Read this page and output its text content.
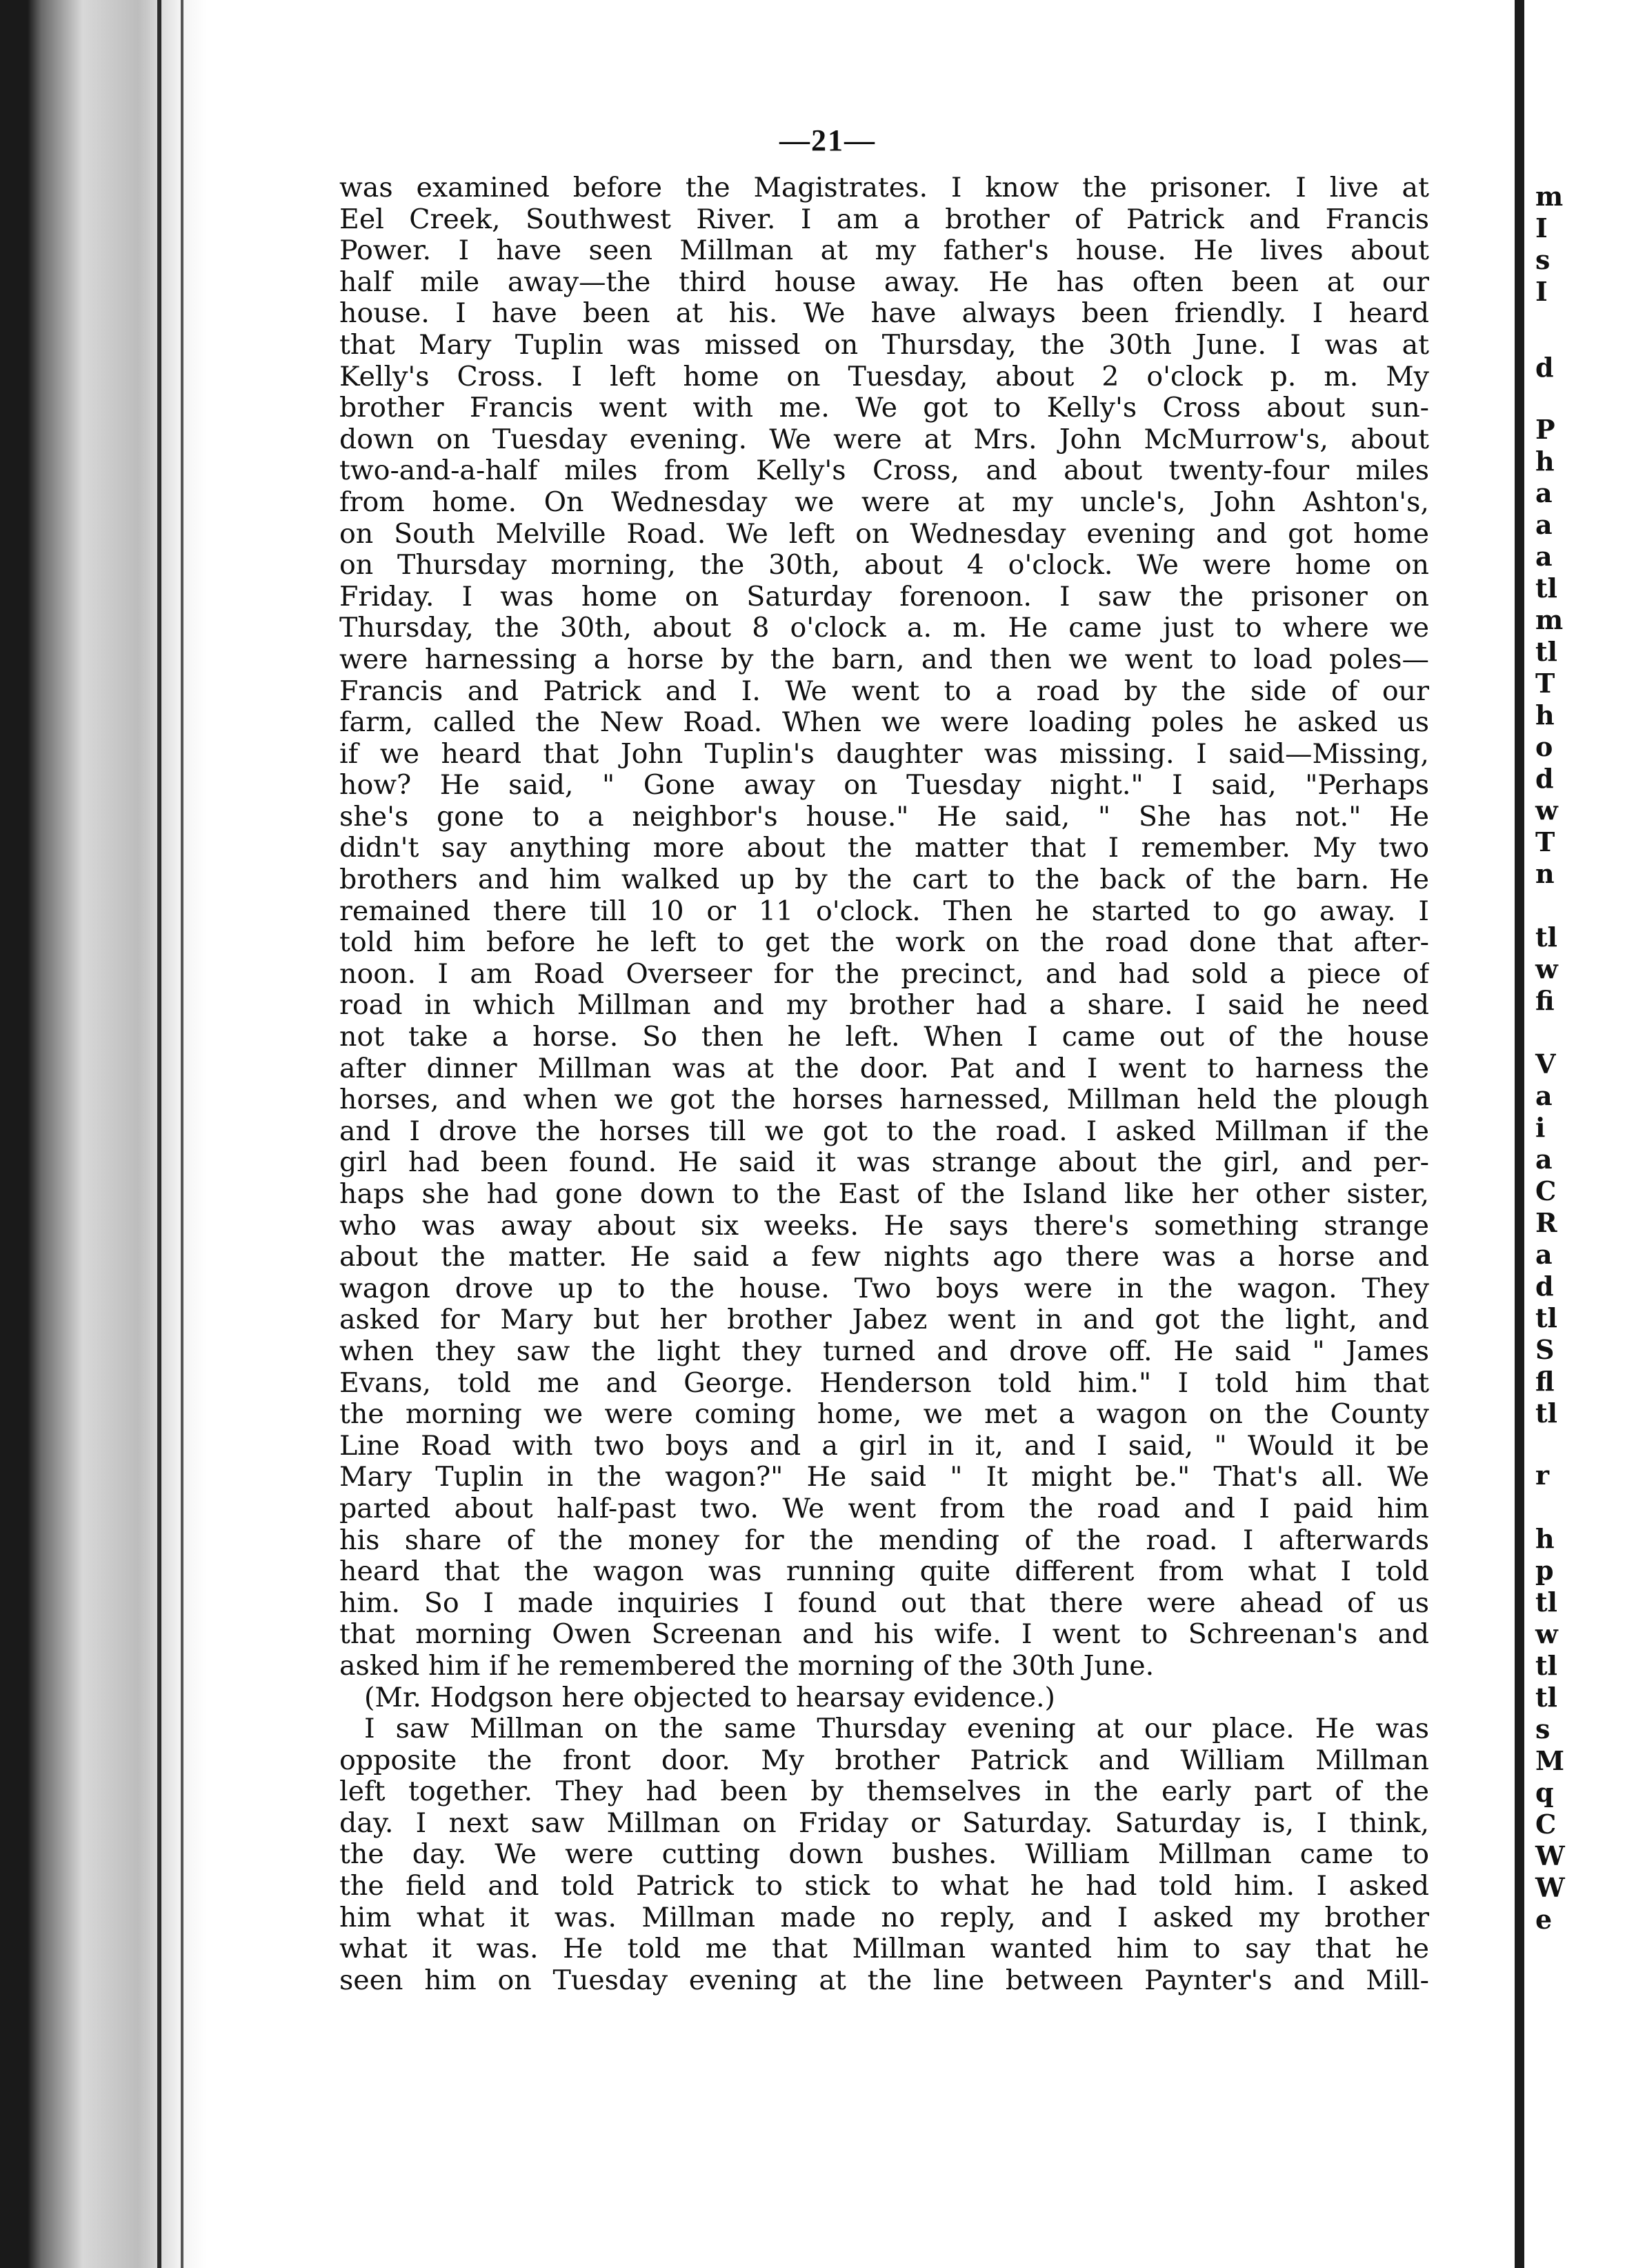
m
I
s
I
d
P
h
a
a
a
tl
m
tl
T
h
o
d
w
T
n
tl
w
fi
V
a
i
a
C
R
a
d
tl
S
fl
tl
r
h
p
tl
w
tl
tl
s
M
q
C
W
W
e
—21—
was examined before the Magistrates. I know the prisoner. I live at
Eel Creek, Southwest River. I am a brother of Patrick and Francis
Power. I have seen Millman at my father's house. He lives about
half mile away—the third house away. He has often been at our
house. I have been at his. We have always been friendly. I heard
that Mary Tuplin was missed on Thursday, the 30th June. I was at
Kelly's Cross. I left home on Tuesday, about 2 o'clock p. m. My
brother Francis went with me. We got to Kelly's Cross about sun-
down on Tuesday evening. We were at Mrs. John McMurrow's, about
two-and-a-half miles from Kelly's Cross, and about twenty-four miles
from home. On Wednesday we were at my uncle's, John Ashton's,
on South Melville Road. We left on Wednesday evening and got home
on Thursday morning, the 30th, about 4 o'clock. We were home on
Friday. I was home on Saturday forenoon. I saw the prisoner on
Thursday, the 30th, about 8 o'clock a. m. He came just to where we
were harnessing a horse by the barn, and then we went to load poles—
Francis and Patrick and I. We went to a road by the side of our
farm, called the New Road. When we were loading poles he asked us
if we heard that John Tuplin's daughter was missing. I said—Missing,
how? He said, " Gone away on Tuesday night." I said, "Perhaps
she's gone to a neighbor's house." He said, " She has not." He
didn't say anything more about the matter that I remember. My two
brothers and him walked up by the cart to the back of the barn. He
remained there till 10 or 11 o'clock. Then he started to go away. I
told him before he left to get the work on the road done that after-
noon. I am Road Overseer for the precinct, and had sold a piece of
road in which Millman and my brother had a share. I said he need
not take a horse. So then he left. When I came out of the house
after dinner Millman was at the door. Pat and I went to harness the
horses, and when we got the horses harnessed, Millman held the plough
and I drove the horses till we got to the road. I asked Millman if the
girl had been found. He said it was strange about the girl, and per-
haps she had gone down to the East of the Island like her other sister,
who was away about six weeks. He says there's something strange
about the matter. He said a few nights ago there was a horse and
wagon drove up to the house. Two boys were in the wagon. They
asked for Mary but her brother Jabez went in and got the light, and
when they saw the light they turned and drove off. He said " James
Evans, told me and George. Henderson told him." I told him that
the morning we were coming home, we met a wagon on the County
Line Road with two boys and a girl in it, and I said, " Would it be
Mary Tuplin in the wagon?" He said " It might be." That's all. We
parted about half-past two. We went from the road and I paid him
his share of the money for the mending of the road. I afterwards
heard that the wagon was running quite different from what I told
him. So I made inquiries I found out that there were ahead of us
that morning Owen Screenan and his wife. I went to Schreenan's and
asked him if he remembered the morning of the 30th June.
(Mr. Hodgson here objected to hearsay evidence.)
I saw Millman on the same Thursday evening at our place. He was
opposite the front door. My brother Patrick and William Millman
left together. They had been by themselves in the early part of the
day. I next saw Millman on Friday or Saturday. Saturday is, I think,
the day. We were cutting down bushes. William Millman came to
the field and told Patrick to stick to what he had told him. I asked
him what it was. Millman made no reply, and I asked my brother
what it was. He told me that Millman wanted him to say that he
seen him on Tuesday evening at the line between Paynter's and Mill-
